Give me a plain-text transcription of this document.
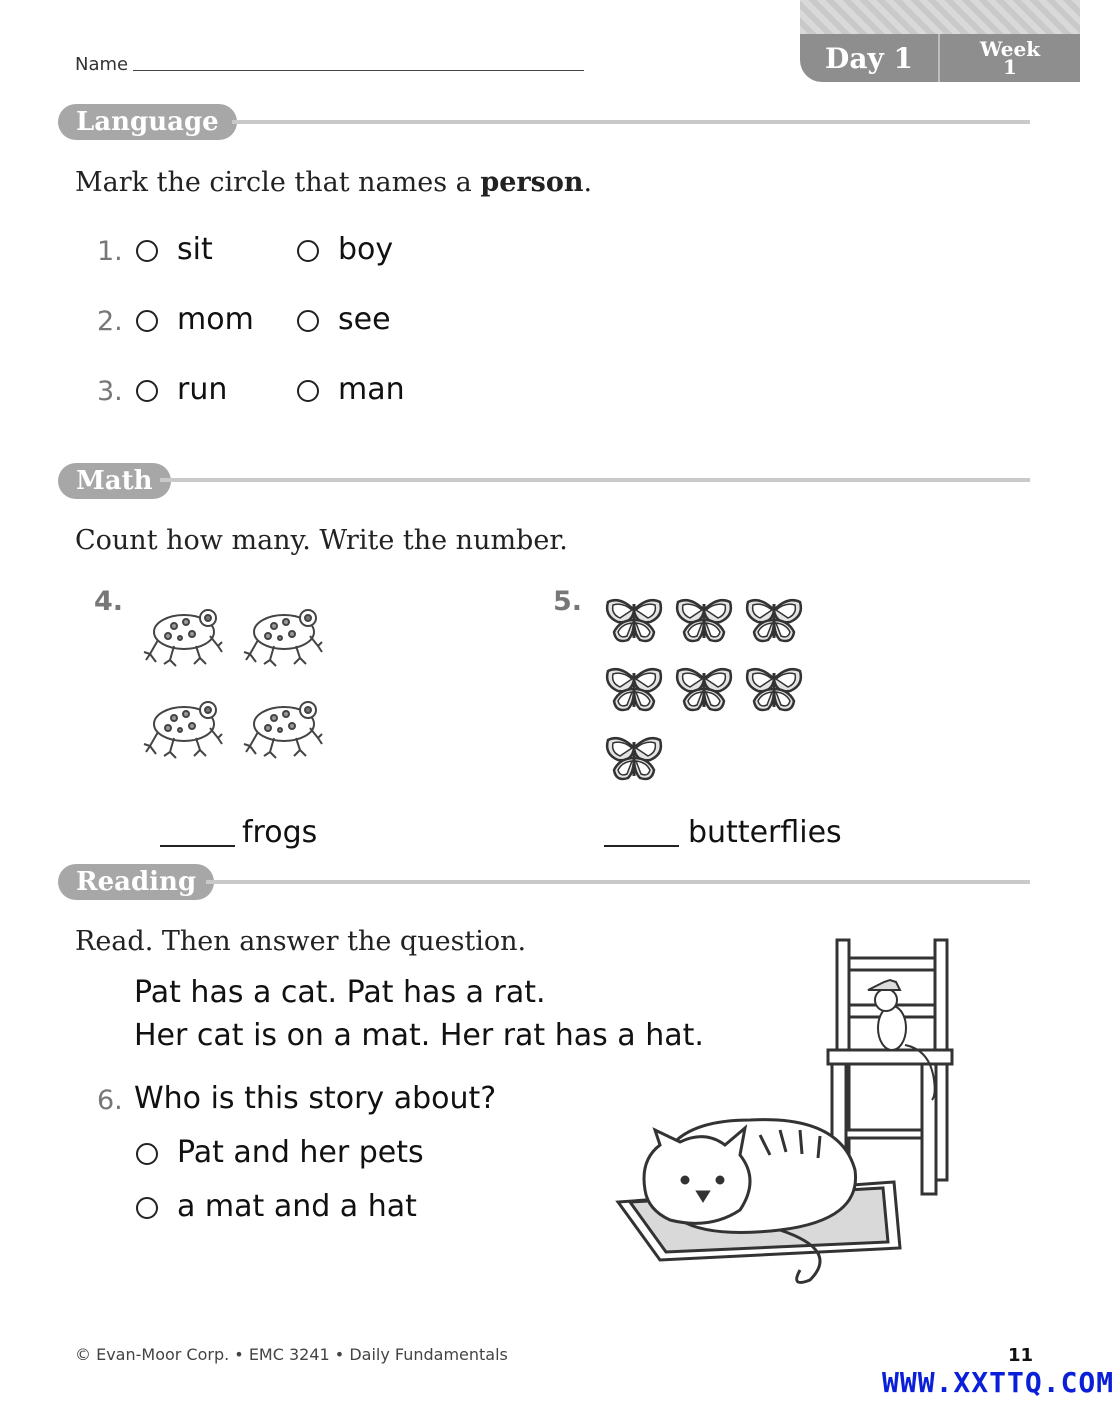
Name	Day 1	Week
1
Language
Mark the circle that names a person.
1. sit	boy
2. mom	see
3. run	man
Math
Count how many. Write the number.
4.	5.
frogs	butterflies
Reading
Read. Then answer the question.
Pat has a cat. Pat has a rat.
Her cat is on a mat. Her rat has a hat.
6. Who is this story about?
Pat and her pets
a mat and a hat
© Evan-Moor Corp. • EMC 3241 • Daily Fundamentals	11
WWW.XXTTQ.COM
